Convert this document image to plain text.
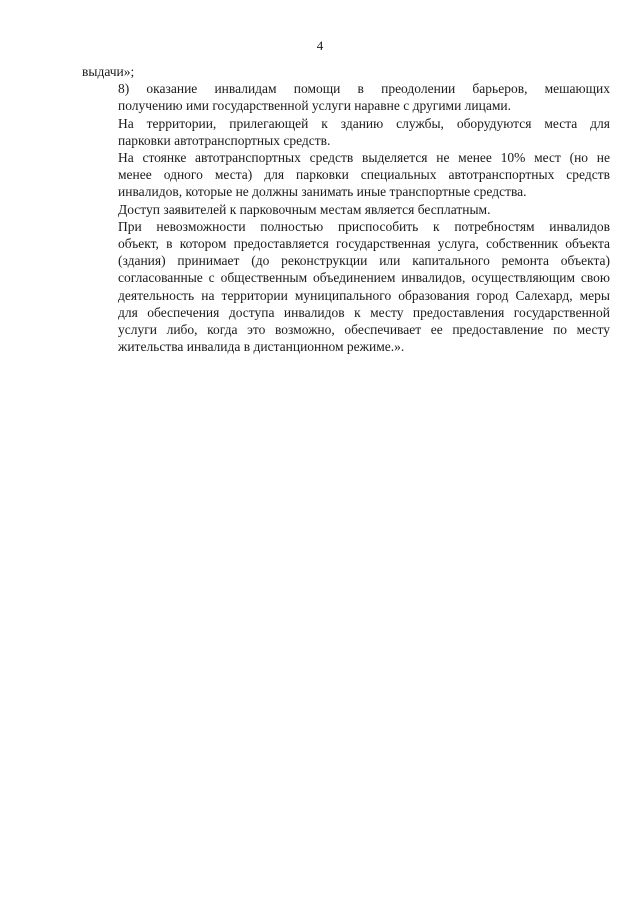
4
выдачи»;
8) оказание инвалидам помощи в преодолении барьеров, мешающих
получению ими государственной услуги наравне с другими лицами.
На территории, прилегающей к зданию службы, оборудуются места для
парковки автотранспортных средств.
На стоянке автотранспортных средств выделяется не менее 10% мест (но не
менее одного места) для парковки специальных автотранспортных средств
инвалидов, которые не должны занимать иные транспортные средства.
Доступ заявителей к парковочным местам является бесплатным.
При невозможности полностью приспособить к потребностям инвалидов
объект, в котором предоставляется государственная услуга, собственник объекта
(здания) принимает (до реконструкции или капитального ремонта объекта)
согласованные с общественным объединением инвалидов, осуществляющим свою
деятельность на территории муниципального образования город Салехард, меры
для обеспечения доступа инвалидов к месту предоставления государственной
услуги либо, когда это возможно, обеспечивает ее предоставление по месту
жительства инвалида в дистанционном режиме.».
